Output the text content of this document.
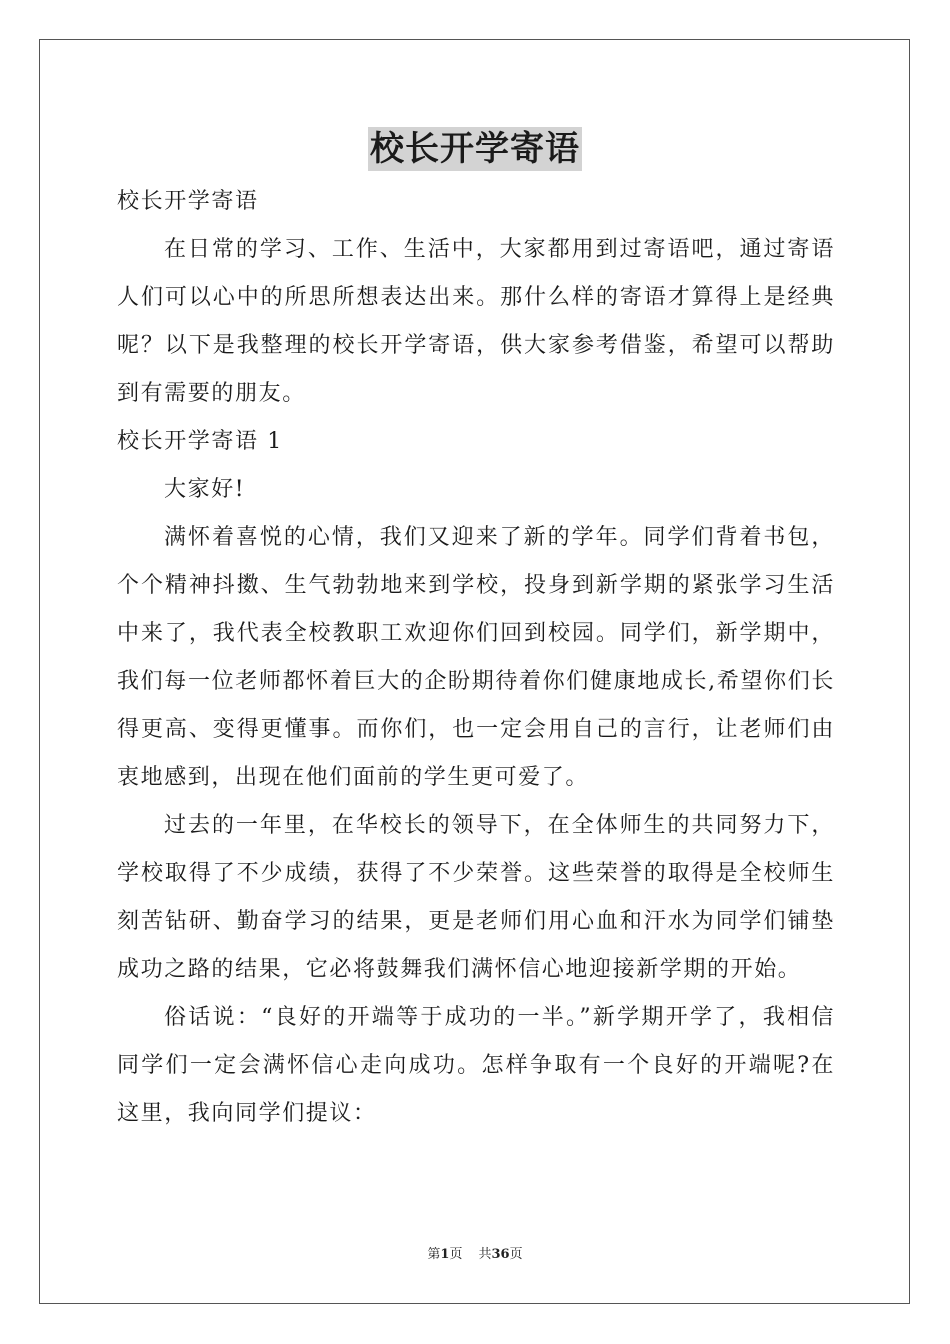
校长开学寄语

校长开学寄语

在日常的学习、工作、生活中，大家都用到过寄语吧，通过寄语人们可以心中的所思所想表达出来。那什么样的寄语才算得上是经典呢？以下是我整理的校长开学寄语，供大家参考借鉴，希望可以帮助到有需要的朋友。

校长开学寄语 1

大家好!

满怀着喜悦的心情，我们又迎来了新的学年。同学们背着书包，个个精神抖擞、生气勃勃地来到学校，投身到新学期的紧张学习生活中来了，我代表全校教职工欢迎你们回到校园。同学们，新学期中，我们每一位老师都怀着巨大的企盼期待着你们健康地成长,希望你们长得更高、变得更懂事。而你们，也一定会用自己的言行，让老师们由衷地感到，出现在他们面前的学生更可爱了。

过去的一年里，在华校长的领导下，在全体师生的共同努力下，学校取得了不少成绩，获得了不少荣誉。这些荣誉的取得是全校师生刻苦钻研、勤奋学习的结果，更是老师们用心血和汗水为同学们铺垫成功之路的结果，它必将鼓舞我们满怀信心地迎接新学期的开始。

俗话说：“良好的开端等于成功的一半。”新学期开学了，我相信同学们一定会满怀信心走向成功。怎样争取有一个良好的开端呢?在这里，我向同学们提议：

第1页 共36页
